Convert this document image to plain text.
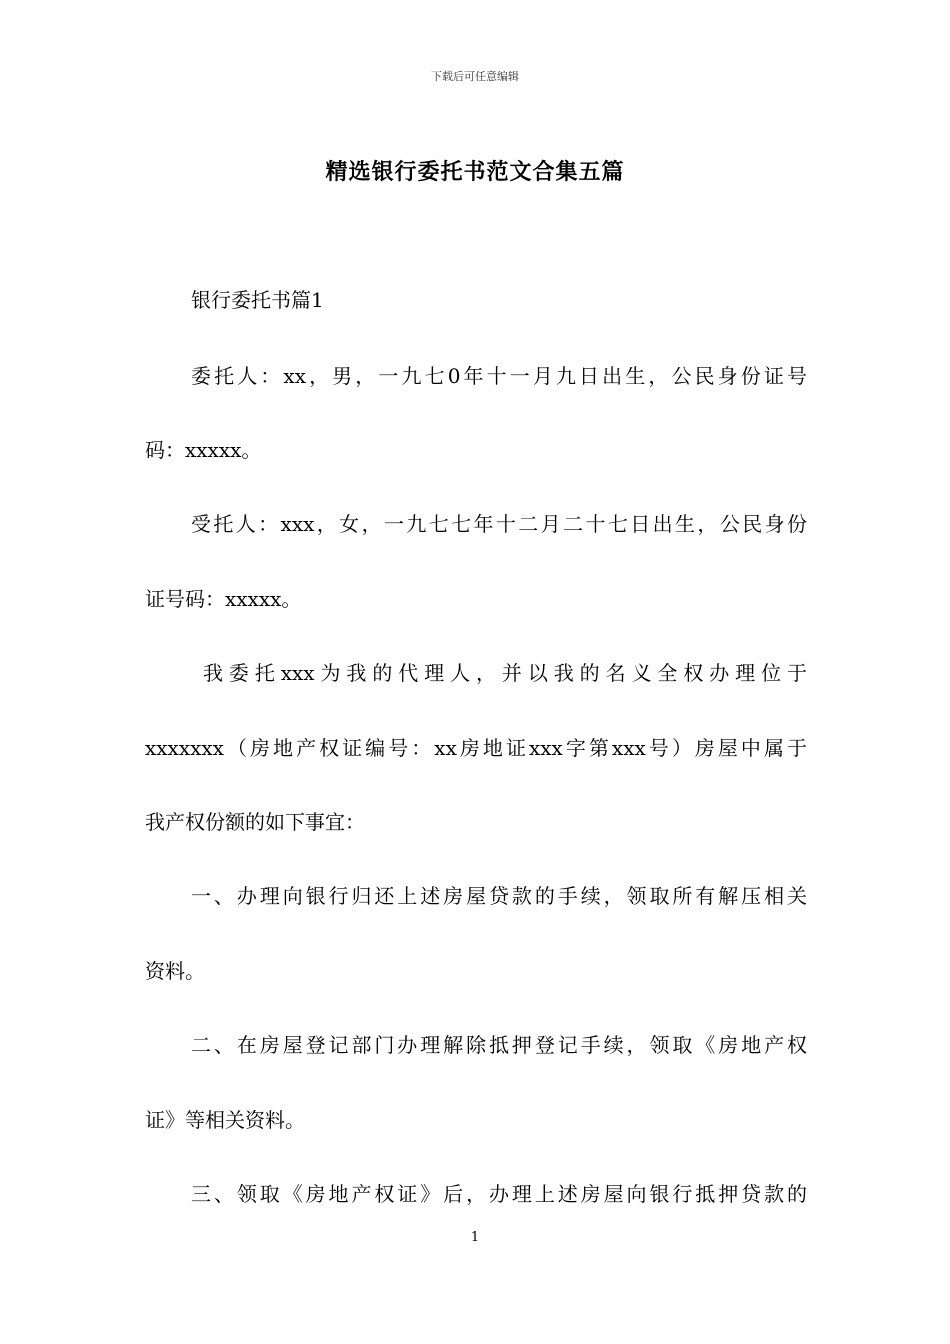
下载后可任意编辑
精选银行委托书范文合集五篇
银行委托书篇1
委托人：xx，男，一九七0年十一月九日出生，公民身份证号
码：xxxxx。
受托人：xxx，女，一九七七年十二月二十七日出生，公民身份
证号码：xxxxx。
我委托xxx为我的代理人，并以我的名义全权办理位于
xxxxxxx（房地产权证编号：xx房地证xxx字第xxx号）房屋中属于
我产权份额的如下事宜：
一、办理向银行归还上述房屋贷款的手续，领取所有解压相关
资料。
二、在房屋登记部门办理解除抵押登记手续，领取《房地产权
证》等相关资料。
三、领取《房地产权证》后，办理上述房屋向银行抵押贷款的
1
